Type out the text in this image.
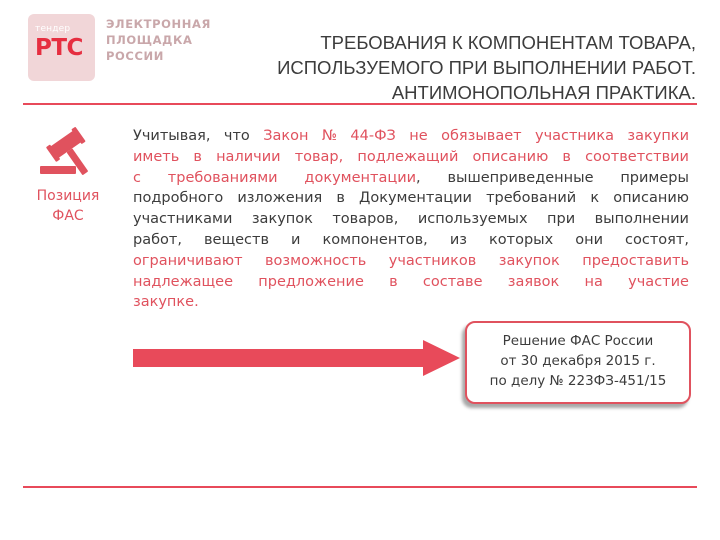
тендер
РТС
ЭЛЕКТРОННАЯ
ПЛОЩАДКА
РОССИИ
ТРЕБОВАНИЯ К КОМПОНЕНТАМ ТОВАРА,
ИСПОЛЬЗУЕМОГО ПРИ ВЫПОЛНЕНИИ РАБОТ.
АНТИМОНОПОЛЬНАЯ ПРАКТИКА.
Позиция
ФАС
Учитывая, что Закон № 44-ФЗ не обязывает участника закупки
иметь в наличии товар, подлежащий описанию в соответствии
с требованиями документации, вышеприведенные примеры
подробного изложения в Документации требований к описанию
участниками закупок товаров, используемых при выполнении
работ, веществ и компонентов, из которых они состоят,
ограничивают возможность участников закупок предоставить
надлежащее предложение в составе заявок на участие
закупке.
Решение ФАС России
от 30 декабря 2015 г.
по делу № 223ФЗ-451/15
